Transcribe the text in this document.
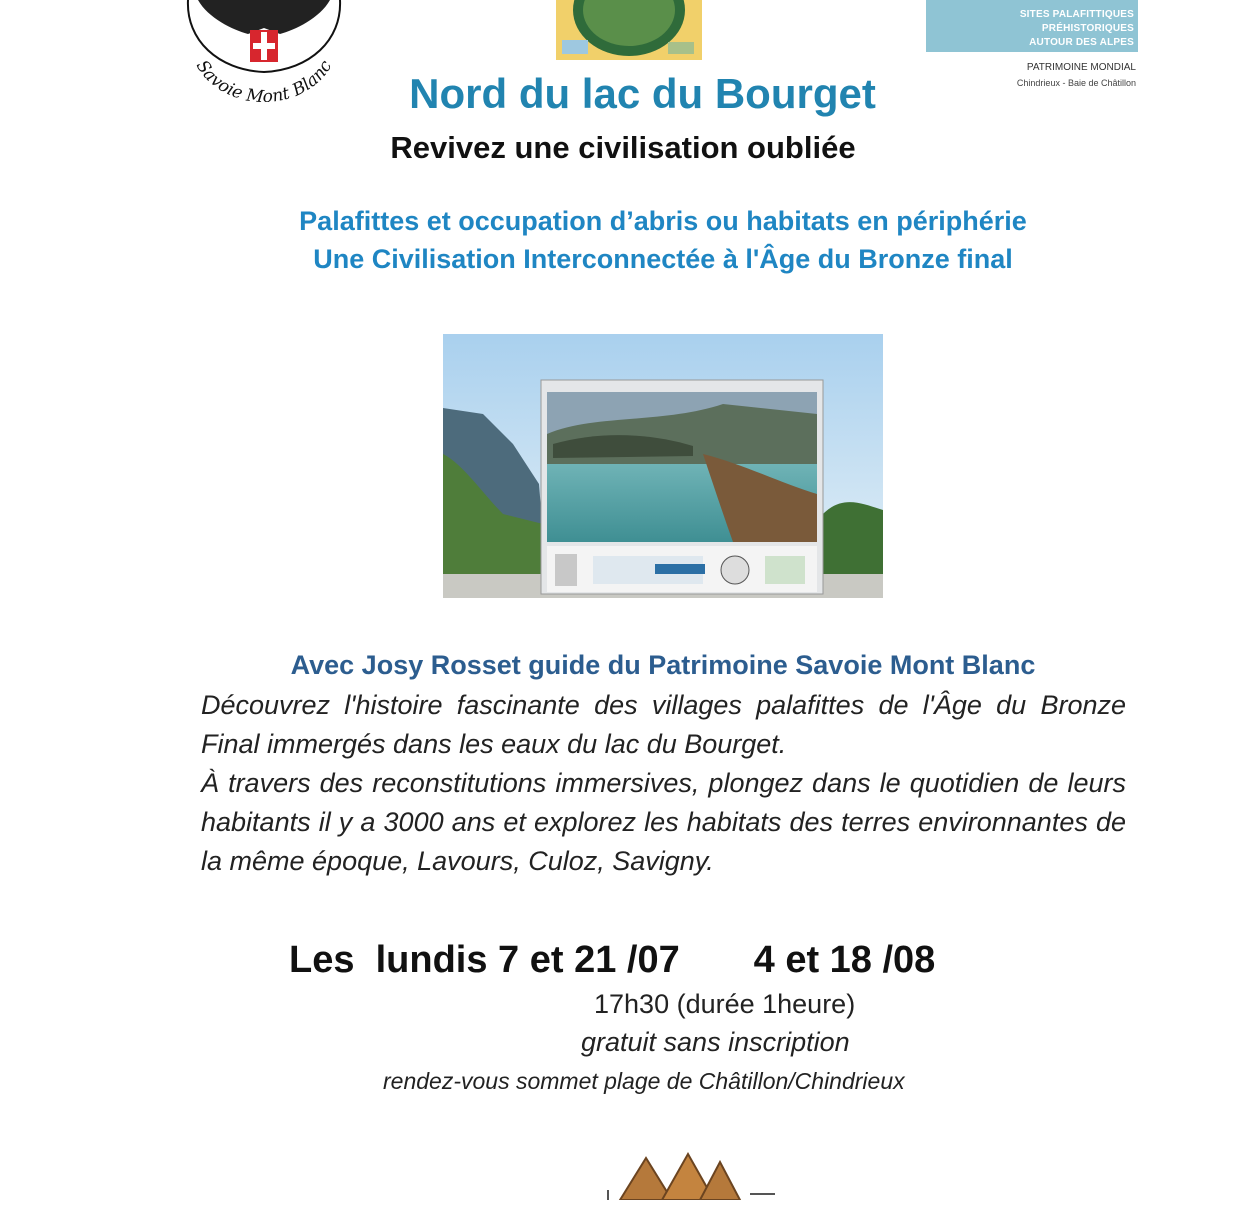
Savoie Mont Blanc
SITES PALAFITTIQUES PRÉHISTORIQUES
AUTOUR DES ALPES
PATRIMOINE MONDIAL
Chindrieux - Baie de Châtillon
Nord du lac du Bourget
Revivez une civilisation oubliée
Palafittes et occupation d’abris ou habitats en périphérie
Une Civilisation Interconnectée à l'Âge du Bronze final
Avec Josy Rosset guide du Patrimoine Savoie Mont Blanc

Découvrez l'histoire fascinante des villages palafittes de l'Âge du Bronze Final immergés dans les eaux du lac du Bourget.

À travers des reconstitutions immersives, plongez dans le quotidien de leurs habitants il y a 3000 ans et explorez les habitats des terres environnantes de la même époque, Lavours, Culoz, Savigny.

Les  lundis 7 et 21 /07       4 et 18 /08
17h30 (durée 1heure)
gratuit sans inscription
rendez-vous sommet plage de Châtillon/Chindrieux
